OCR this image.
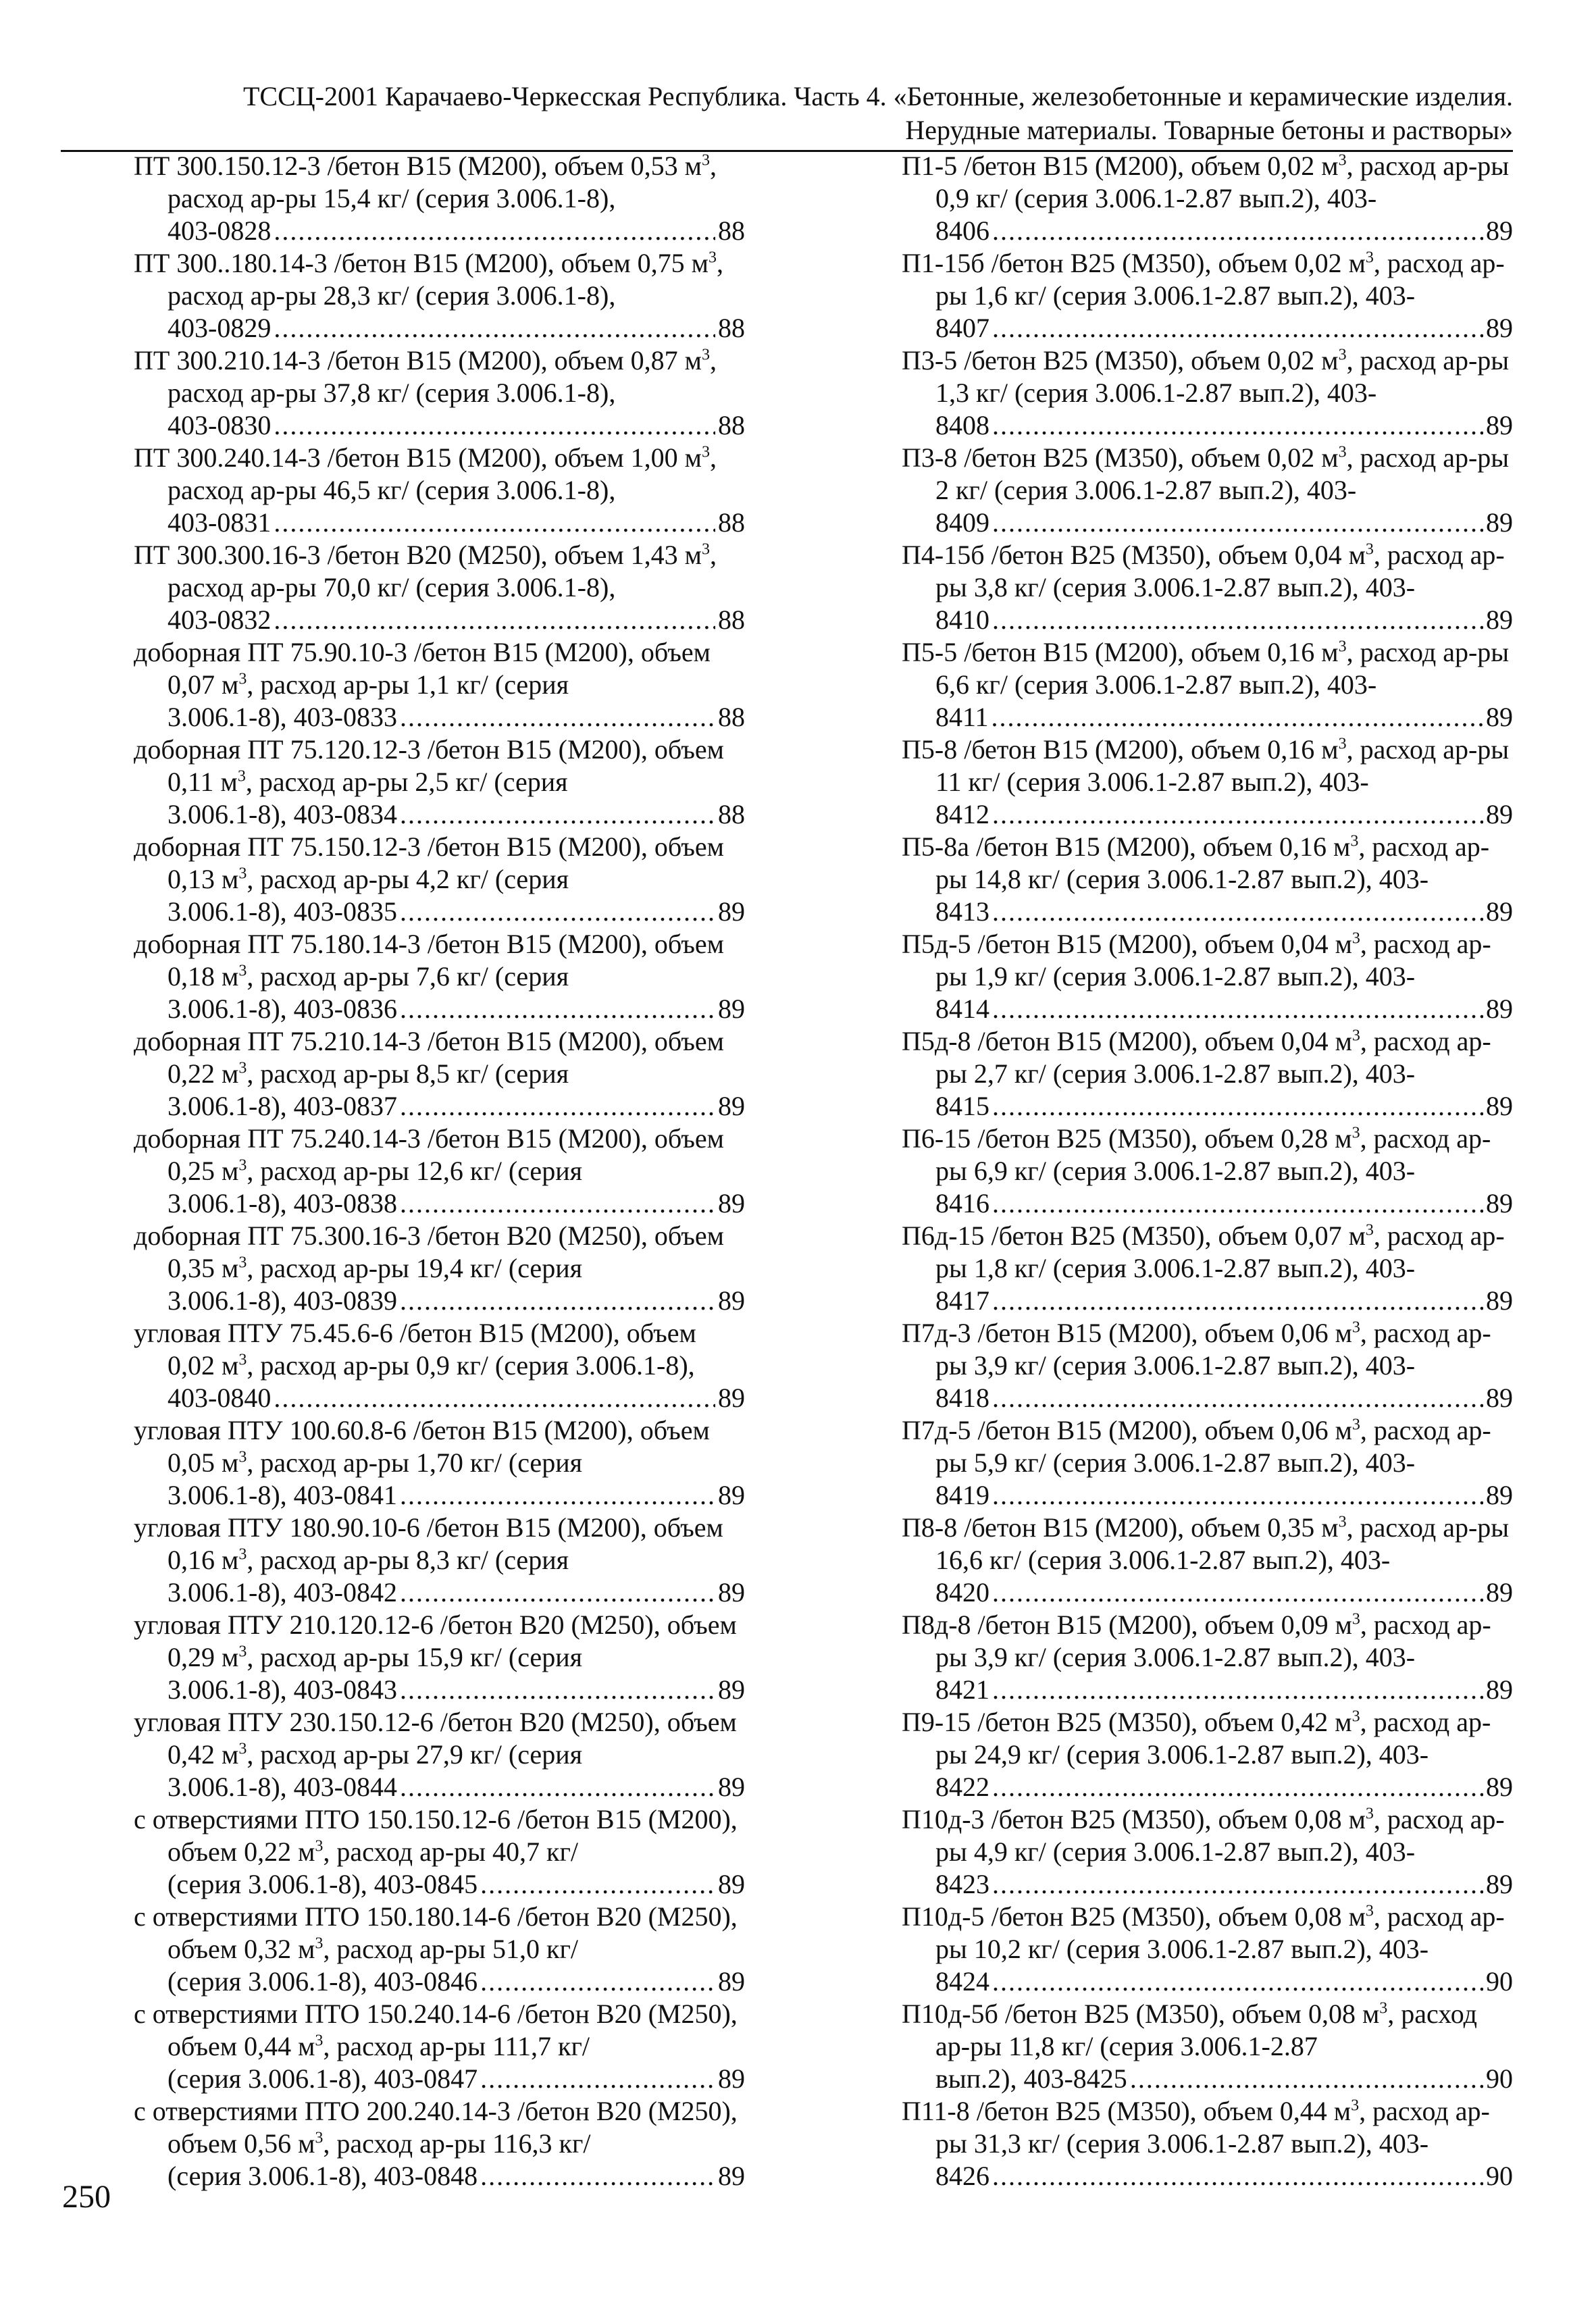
ТССЦ-2001 Карачаево-Черкесская Республика. Часть 4. «Бетонные, железобетонные и керамические изделия.
Нерудные материалы. Товарные бетоны и растворы»
ПТ 300.150.12-3 /бетон B15 (M200), объем 0,53 $м^3$, расход ар-ры 15,4 кг/ (серия 3.006.1-8),
403-0828 .....	88
ПТ 300..180.14-3 /бетон B15 (M200), объем 0,75 $м^3$, расход ар-ры 28,3 кг/ (серия 3.006.1-8),
403-0829 .....	88
ПТ 300.210.14-3 /бетон B15 (M200), объем 0,87 $м^3$, расход ар-ры 37,8 кг/ (серия 3.006.1-8),
403-0830 .....	88
ПТ 300.240.14-3 /бетон B15 (M200), объем 1,00 $м^3$, расход ар-ры 46,5 кг/ (серия 3.006.1-8),
403-0831 .....	88
ПТ 300.300.16-3 /бетон B20 (M250), объем 1,43 $м^3$, расход ар-ры 70,0 кг/ (серия 3.006.1-8),
403-0832 .....	88
доборная ПТ 75.90.10-3 /бетон B15 (M200), объем 0,07 $м^3$, расход ар-ры 1,1 кг/ (серия
3.006.1-8), 403-0833 .....	88
доборная ПТ 75.120.12-3 /бетон B15 (M200), объем 0,11 $м^3$, расход ар-ры 2,5 кг/ (серия
3.006.1-8), 403-0834 .....	88
доборная ПТ 75.150.12-3 /бетон B15 (M200), объем 0,13 $м^3$, расход ар-ры 4,2 кг/ (серия
3.006.1-8), 403-0835 .....	89
доборная ПТ 75.180.14-3 /бетон B15 (M200), объем 0,18 $м^3$, расход ар-ры 7,6 кг/ (серия
3.006.1-8), 403-0836 .....	89
доборная ПТ 75.210.14-3 /бетон B15 (M200), объем 0,22 $м^3$, расход ар-ры 8,5 кг/ (серия
3.006.1-8), 403-0837 .....	89
доборная ПТ 75.240.14-3 /бетон B15 (M200), объем 0,25 $м^3$, расход ар-ры 12,6 кг/ (серия
3.006.1-8), 403-0838 .....	89
доборная ПТ 75.300.16-3 /бетон B20 (M250), объем 0,35 $м^3$, расход ар-ры 19,4 кг/ (серия
3.006.1-8), 403-0839 .....	89
угловая ПТУ 75.45.6-6 /бетон B15 (M200), объем 0,02 $м^3$, расход ар-ры 0,9 кг/ (серия 3.006.1-8),
403-0840 .....	89
угловая ПТУ 100.60.8-6 /бетон B15 (M200), объем 0,05 $м^3$, расход ар-ры 1,70 кг/ (серия
3.006.1-8), 403-0841 .....	89
угловая ПТУ 180.90.10-6 /бетон B15 (M200), объем 0,16 $м^3$, расход ар-ры 8,3 кг/ (серия
3.006.1-8), 403-0842 .....	89
угловая ПТУ 210.120.12-6 /бетон B20 (M250), объем 0,29 $м^3$, расход ар-ры 15,9 кг/ (серия
3.006.1-8), 403-0843 .....	89
угловая ПТУ 230.150.12-6 /бетон B20 (M250), объем 0,42 $м^3$, расход ар-ры 27,9 кг/ (серия
3.006.1-8), 403-0844 .....	89
с отверстиями ПТО 150.150.12-6 /бетон B15 (M200), объем 0,22 $м^3$, расход ар-ры 40,7 кг/
(серия 3.006.1-8), 403-0845 .....	89
с отверстиями ПТО 150.180.14-6 /бетон B20 (M250), объем 0,32 $м^3$, расход ар-ры 51,0 кг/
(серия 3.006.1-8), 403-0846 .....	89
с отверстиями ПТО 150.240.14-6 /бетон B20 (M250), объем 0,44 $м^3$, расход ар-ры 111,7 кг/
(серия 3.006.1-8), 403-0847 .....	89
с отверстиями ПТО 200.240.14-3 /бетон B20 (M250), объем 0,56 $м^3$, расход ар-ры 116,3 кг/
(серия 3.006.1-8), 403-0848 .....	89
П1-5 /бетон B15 (M200), объем 0,02 $м^3$, расход ар-ры 0,9 кг/ (серия 3.006.1-2.87 вып.2), 403-
8406 .....	89
П1-15б /бетон B25 (M350), объем 0,02 $м^3$, расход ар-ры 1,6 кг/ (серия 3.006.1-2.87 вып.2), 403-
8407 .....	89
П3-5 /бетон B25 (M350), объем 0,02 $м^3$, расход ар-ры 1,3 кг/ (серия 3.006.1-2.87 вып.2), 403-
8408 .....	89
П3-8 /бетон B25 (M350), объем 0,02 $м^3$, расход ар-ры 2 кг/ (серия 3.006.1-2.87 вып.2), 403-
8409 .....	89
П4-15б /бетон B25 (M350), объем 0,04 $м^3$, расход ар-ры 3,8 кг/ (серия 3.006.1-2.87 вып.2), 403-
8410 .....	89
П5-5 /бетон B15 (M200), объем 0,16 $м^3$, расход ар-ры 6,6 кг/ (серия 3.006.1-2.87 вып.2), 403-
8411 .....	89
П5-8 /бетон B15 (M200), объем 0,16 $м^3$, расход ар-ры 11 кг/ (серия 3.006.1-2.87 вып.2), 403-
8412 .....	89
П5-8а /бетон B15 (M200), объем 0,16 $м^3$, расход ар-ры 14,8 кг/ (серия 3.006.1-2.87 вып.2), 403-
8413 .....	89
П5д-5 /бетон B15 (M200), объем 0,04 $м^3$, расход ар-ры 1,9 кг/ (серия 3.006.1-2.87 вып.2), 403-
8414 .....	89
П5д-8 /бетон B15 (M200), объем 0,04 $м^3$, расход ар-ры 2,7 кг/ (серия 3.006.1-2.87 вып.2), 403-
8415 .....	89
П6-15 /бетон B25 (M350), объем 0,28 $м^3$, расход ар-ры 6,9 кг/ (серия 3.006.1-2.87 вып.2), 403-
8416 .....	89
П6д-15 /бетон B25 (M350), объем 0,07 $м^3$, расход ар-ры 1,8 кг/ (серия 3.006.1-2.87 вып.2), 403-
8417 .....	89
П7д-3 /бетон B15 (M200), объем 0,06 $м^3$, расход ар-ры 3,9 кг/ (серия 3.006.1-2.87 вып.2), 403-
8418 .....	89
П7д-5 /бетон B15 (M200), объем 0,06 $м^3$, расход ар-ры 5,9 кг/ (серия 3.006.1-2.87 вып.2), 403-
8419 .....	89
П8-8 /бетон B15 (M200), объем 0,35 $м^3$, расход ар-ры 16,6 кг/ (серия 3.006.1-2.87 вып.2), 403-
8420 .....	89
П8д-8 /бетон B15 (M200), объем 0,09 $м^3$, расход ар-ры 3,9 кг/ (серия 3.006.1-2.87 вып.2), 403-
8421 .....	89
П9-15 /бетон B25 (M350), объем 0,42 $м^3$, расход ар-ры 24,9 кг/ (серия 3.006.1-2.87 вып.2), 403-
8422 .....	89
П10д-3 /бетон B25 (M350), объем 0,08 $м^3$, расход ар-ры 4,9 кг/ (серия 3.006.1-2.87 вып.2), 403-
8423 .....	89
П10д-5 /бетон B25 (M350), объем 0,08 $м^3$, расход ар-ры 10,2 кг/ (серия 3.006.1-2.87 вып.2), 403-
8424 .....	90
П10д-5б /бетон B25 (M350), объем 0,08 $м^3$, расход ар-ры 11,8 кг/ (серия 3.006.1-2.87
вып.2), 403-8425 .....	90
П11-8 /бетон B25 (M350), объем 0,44 $м^3$, расход ар-ры 31,3 кг/ (серия 3.006.1-2.87 вып.2), 403-
8426 .....	90
250
